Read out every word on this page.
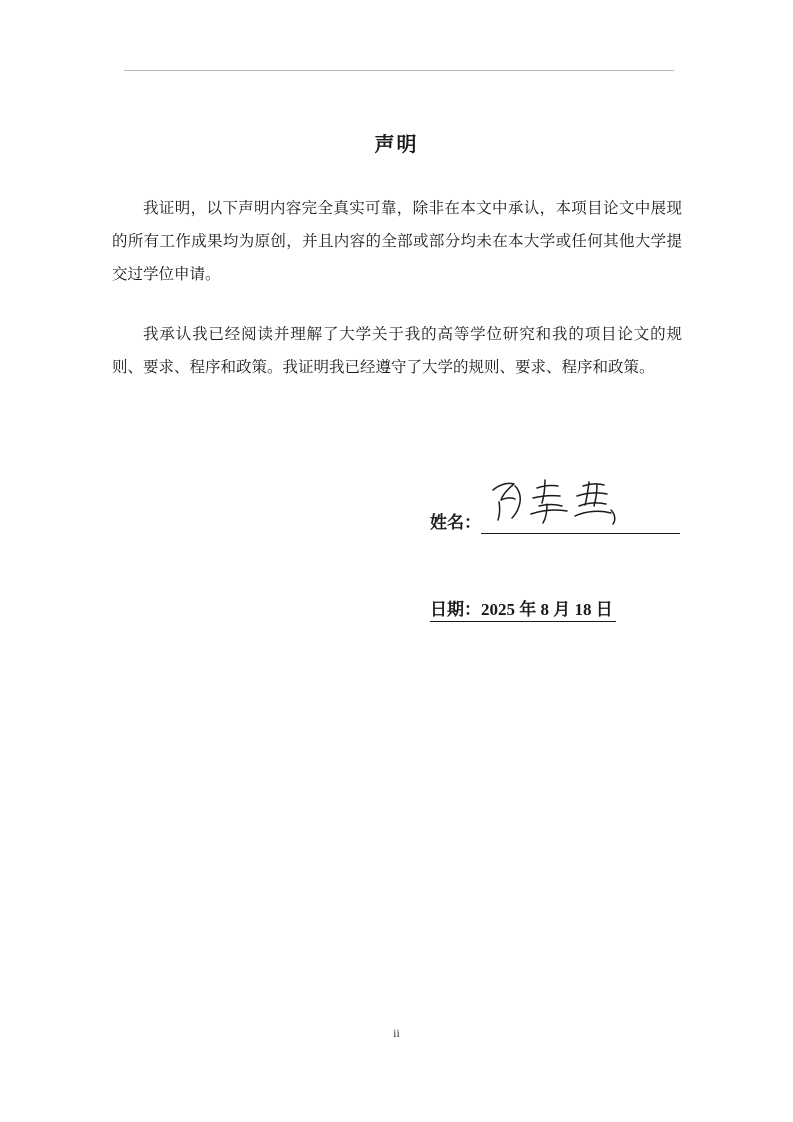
声明

我证明，以下声明内容完全真实可靠，除非在本文中承认，本项目论文中展现的所有工作成果均为原创，并且内容的全部或部分均未在本大学或任何其他大学提交过学位申请。

我承认我已经阅读并理解了大学关于我的高等学位研究和我的项目论文的规则、要求、程序和政策。我证明我已经遵守了大学的规则、要求、程序和政策。

姓名：
日期：2025 年 8 月 18 日
ii
